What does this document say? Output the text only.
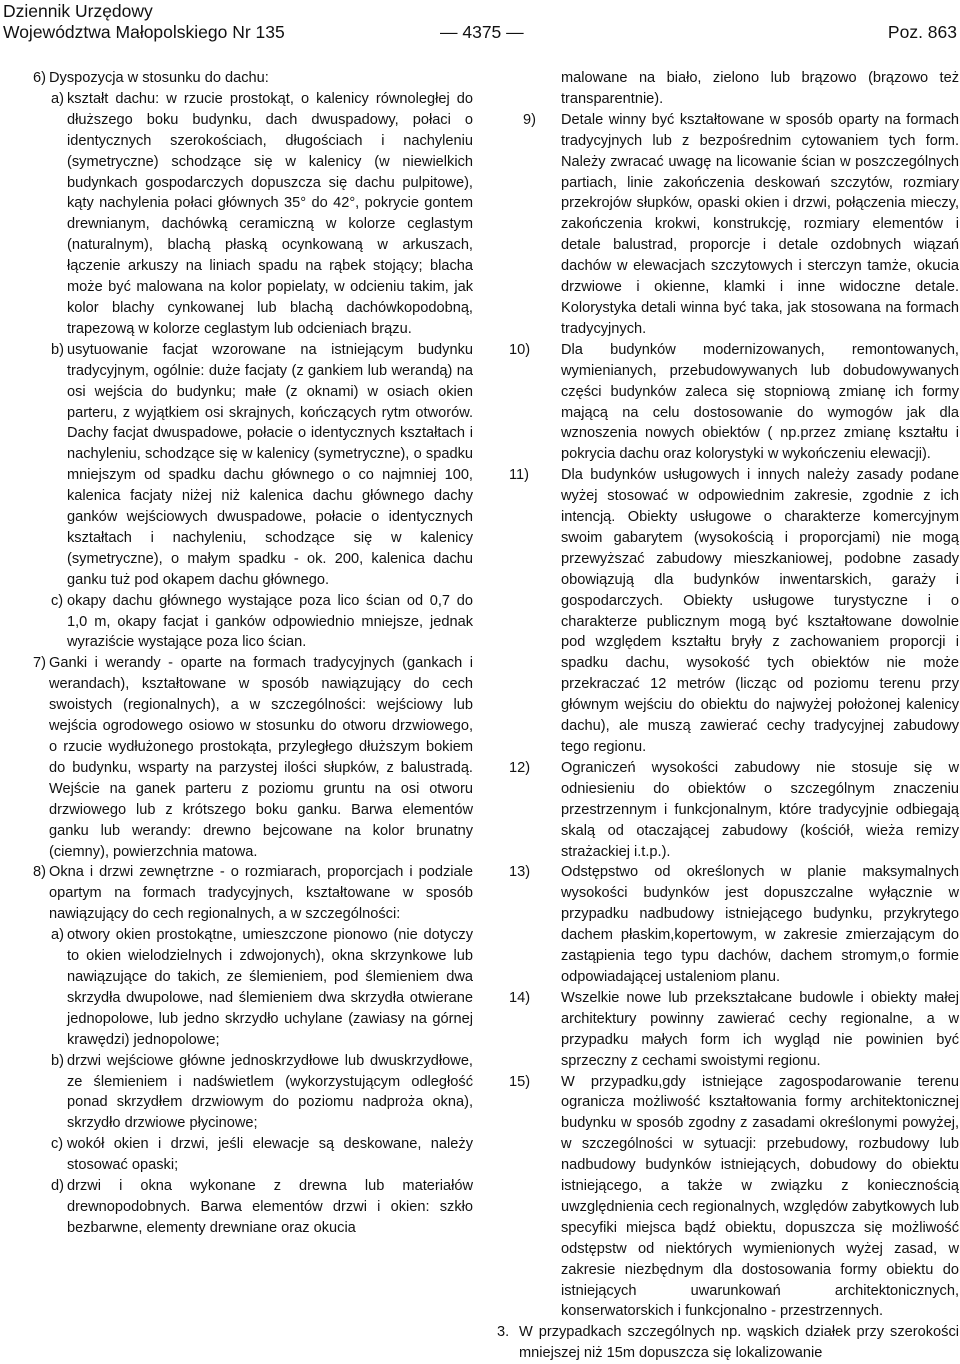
Dziennik Urzędowy
Województwa Małopolskiego Nr 135	— 4375 —	Poz. 863
6) Dyspozycja w stosunku do dachu:
a) kształt dachu: w rzucie prostokąt, o kalenicy równoległej do dłuższego boku budynku, dach dwuspadowy, połaci o identycznych szerokościach, długościach i nachyleniu (symetryczne) schodzące się w kalenicy (w niewielkich budynkach gospodarczych dopuszcza się dachu pulpitowe), kąty nachylenia połaci głównych 35° do 42°, pokrycie gontem drewnianym, dachówką ceramiczną w kolorze ceglastym (naturalnym), blachą płaską ocynkowaną w arkuszach, łączenie arkuszy na liniach spadu na rąbek stojący; blacha może być malowana na kolor popielaty, w odcieniu takim, jak kolor blachy cynkowanej lub blachą dachówkopodobną, trapezową w kolorze ceglastym lub odcieniach brązu.
b) usytuowanie facjat wzorowane na istniejącym budynku tradycyjnym, ogólnie: duże facjaty (z gankiem lub werandą) na osi wejścia do budynku; małe (z oknami) w osiach okien parteru, z wyjątkiem osi skrajnych, kończących rytm otworów. Dachy facjat dwuspadowe, połacie o identycznych kształtach i nachyleniu, schodzące się w kalenicy (symetryczne), o spadku mniejszym od spadku dachu głównego o co najmniej 100, kalenica facjaty niżej niż kalenica dachu głównego dachy ganków wejściowych dwuspadowe, połacie o identycznych kształtach i nachyleniu, schodzące się w kalenicy (symetryczne), o małym spadku - ok. 200, kalenica dachu ganku tuż pod okapem dachu głównego.
c) okapy dachu głównego wystające poza lico ścian od 0,7 do 1,0 m, okapy facjat i ganków odpowiednio mniejsze, jednak wyraziście wystające poza lico ścian.
7) Ganki i werandy - oparte na formach tradycyjnych (gankach i werandach), kształtowane w sposób nawiązujący do cech swoistych (regionalnych), a w szczególności: wejściowy lub wejścia ogrodowego osiowo w stosunku do otworu drzwiowego, o rzucie wydłużonego prostokąta, przyległego dłuższym bokiem do budynku, wsparty na parzystej ilości słupków, z balustradą. Wejście na ganek parteru z poziomu gruntu na osi otworu drzwiowego lub z krótszego boku ganku. Barwa elementów ganku lub werandy: drewno bejcowane na kolor brunatny (ciemny), powierzchnia matowa.
8) Okna i drzwi zewnętrzne - o rozmiarach, proporcjach i podziale opartym na formach tradycyjnych, kształtowane w sposób nawiązujący do cech regionalnych, a w szczególności:
a) otwory okien prostokątne, umieszczone pionowo (nie dotyczy to okien wielodzielnych i zdwojonych), okna skrzynkowe lub nawiązujące do takich, ze ślemieniem, pod ślemieniem dwa skrzydła dwupolowe, nad ślemieniem dwa skrzydła otwierane jednopolowe, lub jedno skrzydło uchylane (zawiasy na górnej krawędzi) jednopolowe;
b) drzwi wejściowe główne jednoskrzydłowe lub dwuskrzydłowe, ze ślemieniem i nadświetlem (wykorzystującym odległość ponad skrzydłem drzwiowym do poziomu nadproża okna), skrzydło drzwiowe płycinowe;
c) wokół okien i drzwi, jeśli elewacje są deskowane, należy stosować opaski;
d) drzwi i okna wykonane z drewna lub materiałów drewnopodobnych. Barwa elementów drzwi i okien: szkło bezbarwne, elementy drewniane oraz okucia

malowane na biało, zielono lub brązowo (brązowo też transparentnie).

9) Detale winny być kształtowane w sposób oparty na formach tradycyjnych lub z bezpośrednim cytowaniem tych form. Należy zwracać uwagę na licowanie ścian w poszczególnych partiach, linie zakończenia deskowań szczytów, rozmiary przekrojów słupków, opaski okien i drzwi, połączenia mieczy, zakończenia krokwi, konstrukcję, rozmiary elementów i detale balustrad, proporcje i detale ozdobnych wiązań dachów w elewacjach szczytowych i sterczyn tamże, okucia drzwiowe i okienne, klamki i inne widoczne detale. Kolorystyka detali winna być taka, jak stosowana na formach tradycyjnych.
10) Dla budynków modernizowanych, remontowanych, wymienianych, przebudowywanych lub dobudowywanych części budynków zaleca się stopniową zmianę ich formy mającą na celu dostosowanie do wymogów jak dla wznoszenia nowych obiektów ( np.przez zmianę kształtu i pokrycia dachu oraz kolorystyki w wykończeniu elewacji).
11) Dla budynków usługowych i innych należy zasady podane wyżej stosować w odpowiednim zakresie, zgodnie z ich intencją. Obiekty usługowe o charakterze komercyjnym swoim gabarytem (wysokością i proporcjami) nie mogą przewyższać zabudowy mieszkaniowej, podobne zasady obowiązują dla budynków inwentarskich, garaży i gospodarczych. Obiekty usługowe turystyczne i o charakterze publicznym mogą być kształtowane dowolnie pod względem kształtu bryły z zachowaniem proporcji i spadku dachu, wysokość tych obiektów nie może przekraczać 12 metrów (licząc od poziomu terenu przy głównym wejściu do obiektu do najwyżej położonej kalenicy dachu), ale muszą zawierać cechy tradycyjnej zabudowy tego regionu.
12) Ograniczeń wysokości zabudowy nie stosuje się w odniesieniu do obiektów o szczególnym znaczeniu przestrzennym i funkcjonalnym, które tradycyjnie odbiegają skalą od otaczającej zabudowy (kościół, wieża remizy strażackiej i.t.p.).
13) Odstępstwo od określonych w planie maksymalnych wysokości budynków jest dopuszczalne wyłącznie w przypadku nadbudowy istniejącego budynku, przykrytego dachem płaskim,kopertowym, w zakresie zmierzającym do zastąpienia tego typu dachów, dachem stromym,o formie odpowiadającej ustaleniom planu.
14) Wszelkie nowe lub przekształcane budowle i obiekty małej architektury powinny zawierać cechy regionalne, a w przypadku małych form ich wygląd nie powinien być sprzeczny z cechami swoistymi regionu.
15) W przypadku,gdy istniejące zagospodarowanie terenu ogranicza możliwość kształtowania formy architektonicznej budynku w sposób zgodny z zasadami określonymi powyżej, w szczególności w sytuacji: przebudowy, rozbudowy lub nadbudowy budynków istniejących, dobudowy do obiektu istniejącego, a także w związku z koniecznością uwzględnienia cech regionalnych, względów zabytkowych lub specyfiki miejsca bądź obiektu, dopuszcza się możliwość odstępstw od niektórych wymienionych wyżej zasad, w zakresie niezbędnym dla dostosowania formy obiektu do istniejących uwarunkowań architektonicznych, konserwatorskich i funkcjonalno - przestrzennych.
3. W przypadkach szczególnych np. wąskich działek przy szerokości mniejszej niż 15m dopuszcza się lokalizowanie
